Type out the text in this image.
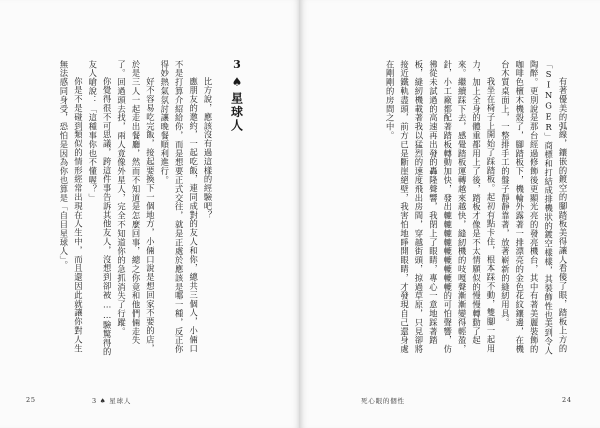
3
♠
星球人

比方說，應該沒有過這樣的經驗吧？

應朋友的邀約，一起吃飯，連同成對的友人和你，總共三個人，小倆口不是打算介紹給你，而是想要正式交往，就是正處於應該是哪一種，反正你得妙熱氣氛討讓晚餐順利進行。

好不容易吃完飯，接起要換下一個地方，小倆口說是想回家不要的店，於是三人一起走出餐廳，然而不知道是怎麼回事，總之你竟和他們倆走失了。回過頭去找，兩人竟像外星人，完全不知道你的急抓消失了行蹤。

你覺得很不可思議，跨這件事告訴其他友人，沒想到卻被……驗驚得的友人嗆說：「這種事你也不懂喔？」

你是不是碰到類似的情形經常出現在人生中，而且還因此就讓你對人生無法感同身受，恐怕是因為你也算是「自目星球人」。

25	3 ♠ 星球人

有著優美的弧線，鑲嵌的鍍空的腳踏板美得讓人看傻了眼，踏板上方的「SINGER」商標和打結成排機狀的鍍空樣樣，其裝飾性也美到令人陶醉。更別說是那台經過修飾後更顯光亮的發亮機台，其中有著美麗裝飾的咖啡色檀木機殼了，腳踏板下，機輪外露著一排漂亮的金色花紋鑲邊，在機台木質桌面上，一整排手工的盤子靜靜靠著，放著嶄新的縫紉用具。

我坐在椅子上開始了踩踏板。起初有點卡住，根本踩不動，雙腳一起用力，加上全身的體重都用上了後，踏板才像是不太情願似的慢慢轉動了起來。繼續踩下去，感覺踏板運轉越來越快，縫紉機的吱嘎聲漸漸變得輕盈，針，小工廠都配著踏板轉動加快，發出轆轆轆轆轆轆轆轆轆的可怕聲響，仿彿從未試過的高速再出發的轟隆聲響，我閉上了眼睛，專心一意地踩著踏板，縫紉機載著我以猛烈的速度飛出房間，穿越街頭，掠過草原，只見卻將接近鐵軌盡頭，前方已是斷崖絕壁，我害怕地睜開眼睛，才發現自己還身處在剛剛的房間之中。

死心眼的個性	24
